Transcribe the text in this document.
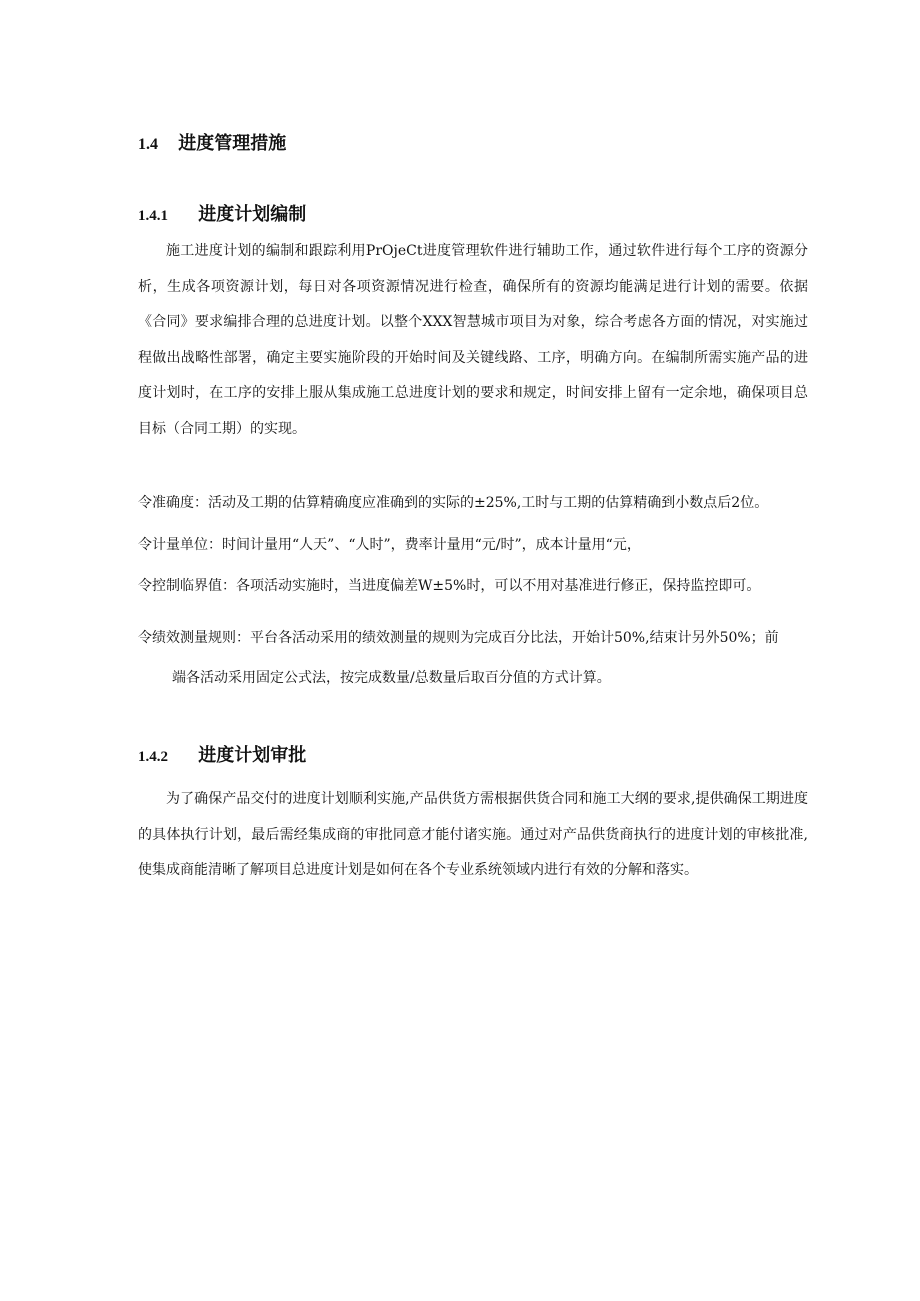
1.4 进度管理措施
1.4.1 进度计划编制

施工进度计划的编制和跟踪利用PrOjeCt进度管理软件进行辅助工作，通过软件进行每个工序的资源分析，生成各项资源计划，每日对各项资源情况进行检查，确保所有的资源均能满足进行计划的需要。依据《合同》要求编排合理的总进度计划。以整个XXX智慧城市项目为对象，综合考虑各方面的情况，对实施过程做出战略性部署，确定主要实施阶段的开始时间及关键线路、工序，明确方向。在编制所需实施产品的进度计划时，在工序的安排上服从集成施工总进度计划的要求和规定，时间安排上留有一定余地，确保项目总目标（合同工期）的实现。

令准确度：活动及工期的估算精确度应准确到的实际的±25%,工时与工期的估算精确到小数点后2位。

令计量单位：时间计量用“人天”、“人时”，费率计量用“元/时”，成本计量用“元，

令控制临界值：各项活动实施时，当进度偏差W±5%时，可以不用对基准进行修正，保持监控即可。

令绩效测量规则：平台各活动采用的绩效测量的规则为完成百分比法，开始计50%,结束计另外50%；前
端各活动采用固定公式法，按完成数量/总数量后取百分值的方式计算。
1.4.2 进度计划审批

为了确保产品交付的进度计划顺利实施,产品供货方需根据供货合同和施工大纲的要求,提供确保工期进度的具体执行计划，最后需经集成商的审批同意才能付诸实施。通过对产品供货商执行的进度计划的审核批准,使集成商能清晰了解项目总进度计划是如何在各个专业系统领域内进行有效的分解和落实。
